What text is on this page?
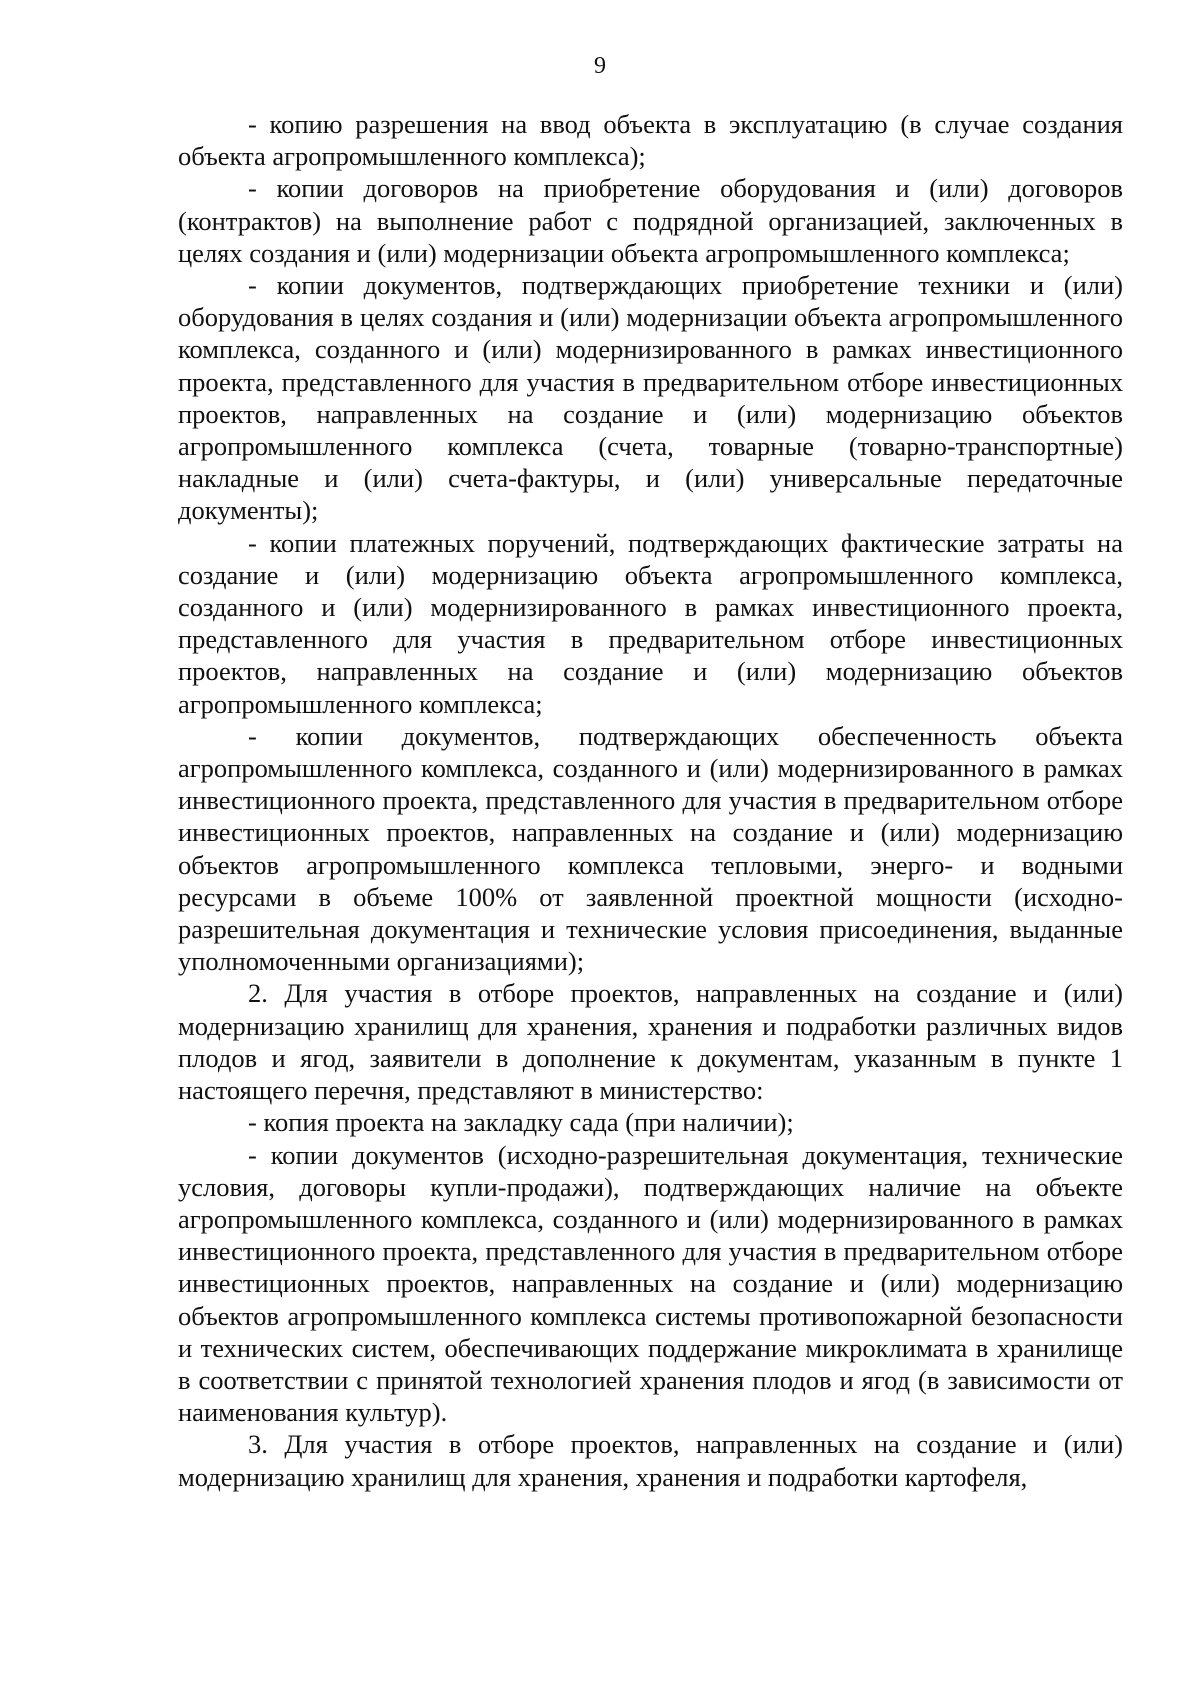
9

- копию разрешения на ввод объекта в эксплуатацию (в случае создания объекта агропромышленного комплекса);

- копии договоров на приобретение оборудования и (или) договоров (контрактов) на выполнение работ с подрядной организацией, заключенных в целях создания и (или) модернизации объекта агропромышленного комплекса;

- копии документов, подтверждающих приобретение техники и (или) оборудования в целях создания и (или) модернизации объекта агропромышленного комплекса, созданного и (или) модернизированного в рамках инвестиционного проекта, представленного для участия в предварительном отборе инвестиционных проектов, направленных на создание и (или) модернизацию объектов агропромышленного комплекса (счета, товарные (товарно-транспортные) накладные и (или) счета-фактуры, и (или) универсальные передаточные документы);

- копии платежных поручений, подтверждающих фактические затраты на создание и (или) модернизацию объекта агропромышленного комплекса, созданного и (или) модернизированного в рамках инвестиционного проекта, представленного для участия в предварительном отборе инвестиционных проектов, направленных на создание и (или) модернизацию объектов агропромышленного комплекса;

- копии документов, подтверждающих обеспеченность объекта агропромышленного комплекса, созданного и (или) модернизированного в рамках инвестиционного проекта, представленного для участия в предварительном отборе инвестиционных проектов, направленных на создание и (или) модернизацию объектов агропромышленного комплекса тепловыми, энерго- и водными ресурсами в объеме 100% от заявленной проектной мощности (исходно-разрешительная документация и технические условия присоединения, выданные уполномоченными организациями);

2. Для участия в отборе проектов, направленных на создание и (или) модернизацию хранилищ для хранения, хранения и подработки различных видов плодов и ягод, заявители в дополнение к документам, указанным в пункте 1 настоящего перечня, представляют в министерство:

- копия проекта на закладку сада (при наличии);

- копии документов (исходно-разрешительная документация, технические условия, договоры купли-продажи), подтверждающих наличие на объекте агропромышленного комплекса, созданного и (или) модернизированного в рамках инвестиционного проекта, представленного для участия в предварительном отборе инвестиционных проектов, направленных на создание и (или) модернизацию объектов агропромышленного комплекса системы противопожарной безопасности и технических систем, обеспечивающих поддержание микроклимата в хранилище в соответствии с принятой технологией хранения плодов и ягод (в зависимости от наименования культур).

3. Для участия в отборе проектов, направленных на создание и (или) модернизацию хранилищ для хранения, хранения и подработки картофеля,
